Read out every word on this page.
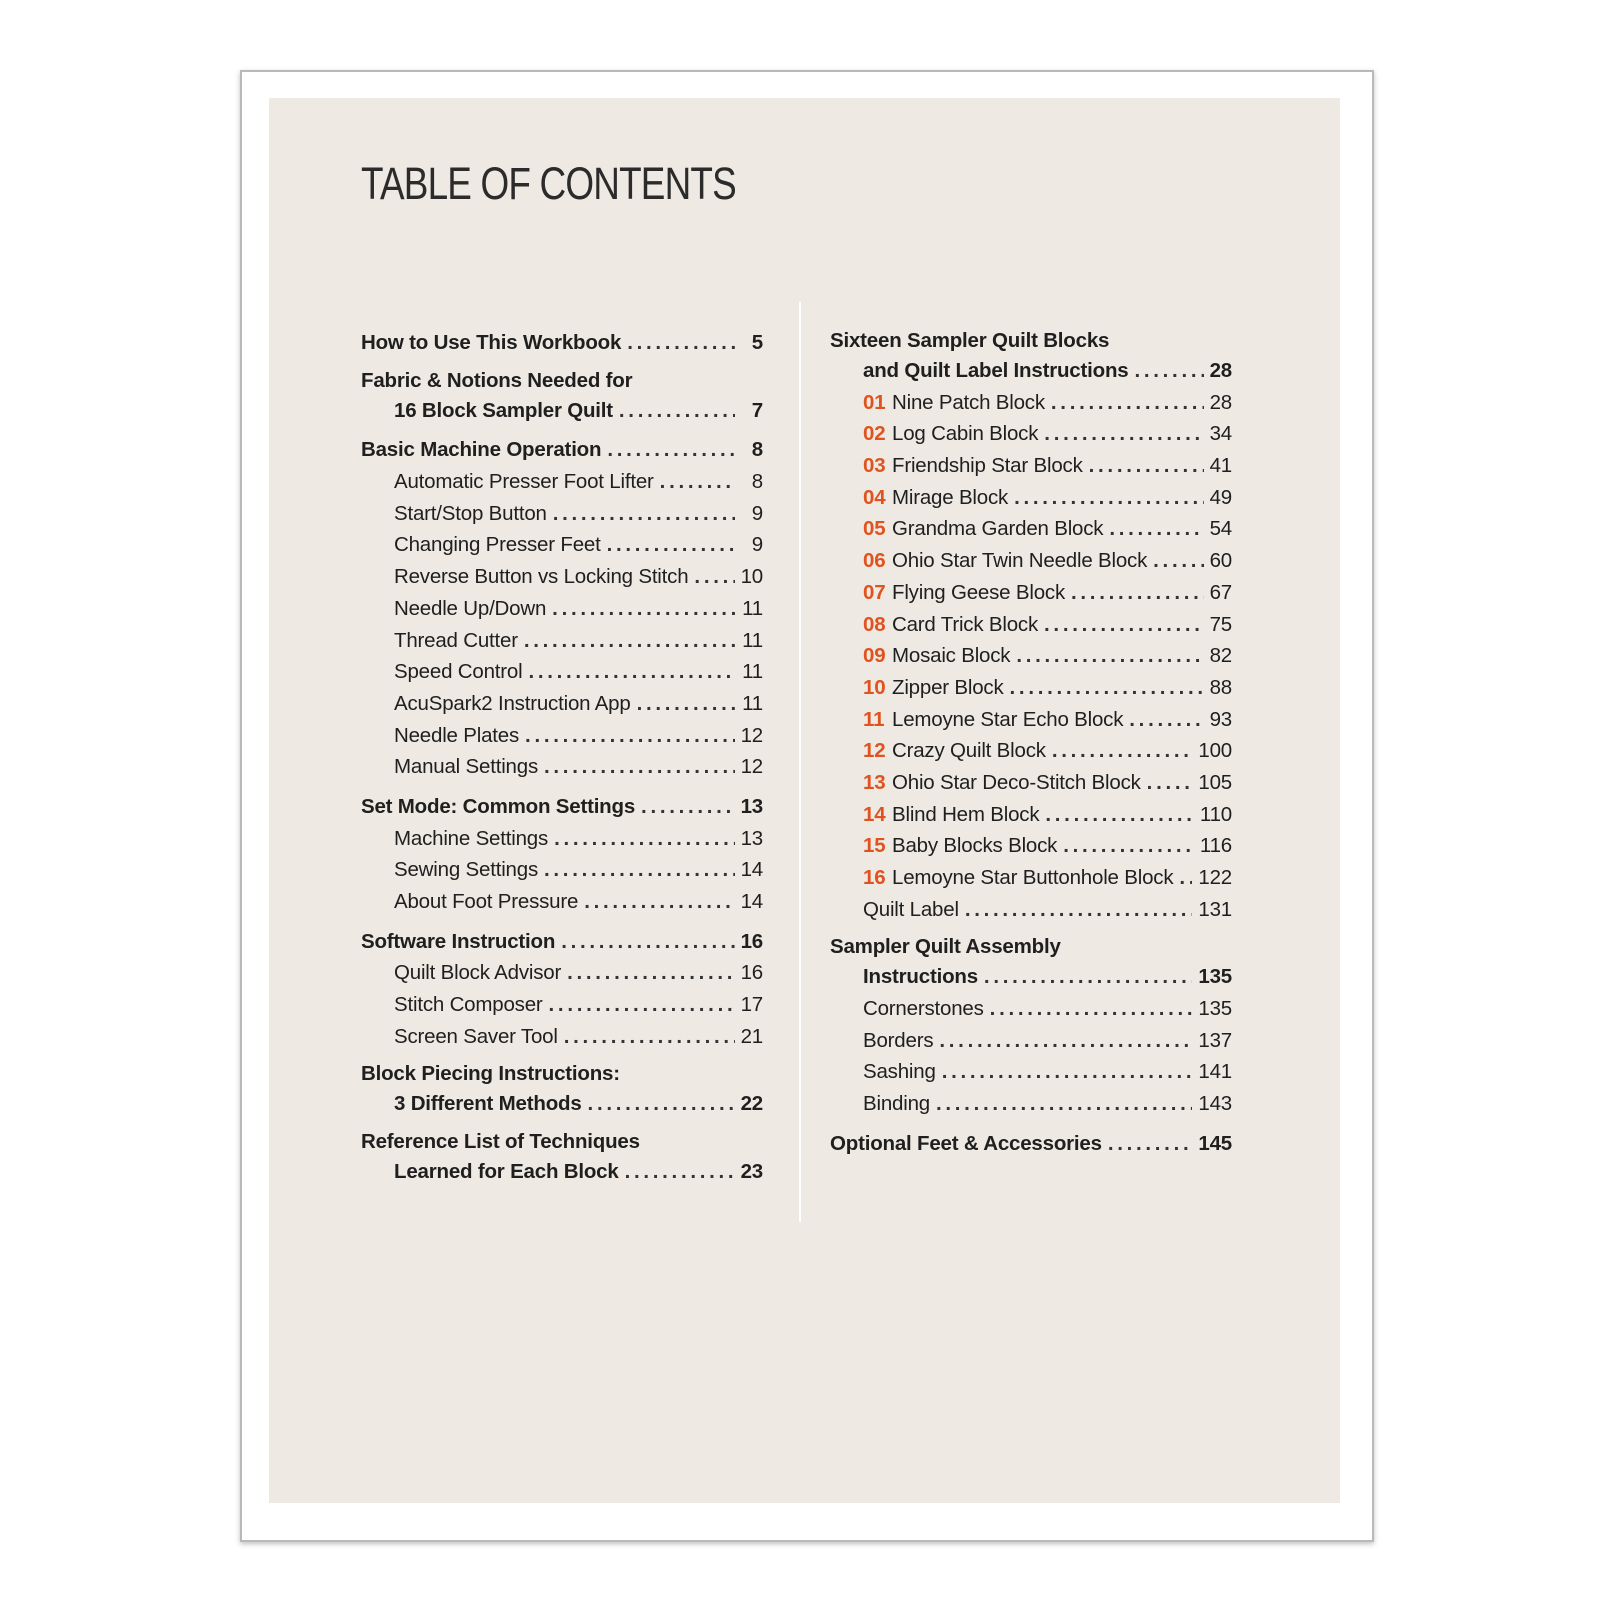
TABLE OF CONTENTS
How to Use This Workbook . . .	5
Fabric & Notions Needed for
16 Block Sampler Quilt . . .	7
Basic Machine Operation . . .	8
Automatic Presser Foot Lifter . . .	8
Start/Stop Button . . .	9
Changing Presser Feet . . .	9
Reverse Button vs Locking Stitch . . .	10
Needle Up/Down . . .	11
Thread Cutter . . .	11
Speed Control . . .	11
AcuSpark2 Instruction App . . .	11
Needle Plates . . .	12
Manual Settings . . .	12
Set Mode: Common Settings . . .	13
Machine Settings . . .	13
Sewing Settings . . .	14
About Foot Pressure . . .	14
Software Instruction . . .	16
Quilt Block Advisor . . .	16
Stitch Composer . . .	17
Screen Saver Tool . . .	21
Block Piecing Instructions:
3 Different Methods . . .	22
Reference List of Techniques
Learned for Each Block . . .	23
Sixteen Sampler Quilt Blocks
and Quilt Label Instructions . . .	28
01 Nine Patch Block . . .	28
02 Log Cabin Block . . .	34
03 Friendship Star Block . . .	41
04 Mirage Block . . .	49
05 Grandma Garden Block . . .	54
06 Ohio Star Twin Needle Block . . .	60
07 Flying Geese Block . . .	67
08 Card Trick Block . . .	75
09 Mosaic Block . . .	82
10 Zipper Block . . .	88
11 Lemoyne Star Echo Block . . .	93
12 Crazy Quilt Block . . .	100
13 Ohio Star Deco-Stitch Block . . .	105
14 Blind Hem Block . . .	110
15 Baby Blocks Block . . .	116
16 Lemoyne Star Buttonhole Block . . . 122
Quilt Label . . .	131
Sampler Quilt Assembly
Instructions . . .	135
Cornerstones . . .	135
Borders . . .	137
Sashing . . .	141
Binding . . .	143
Optional Feet & Accessories . . .	145
